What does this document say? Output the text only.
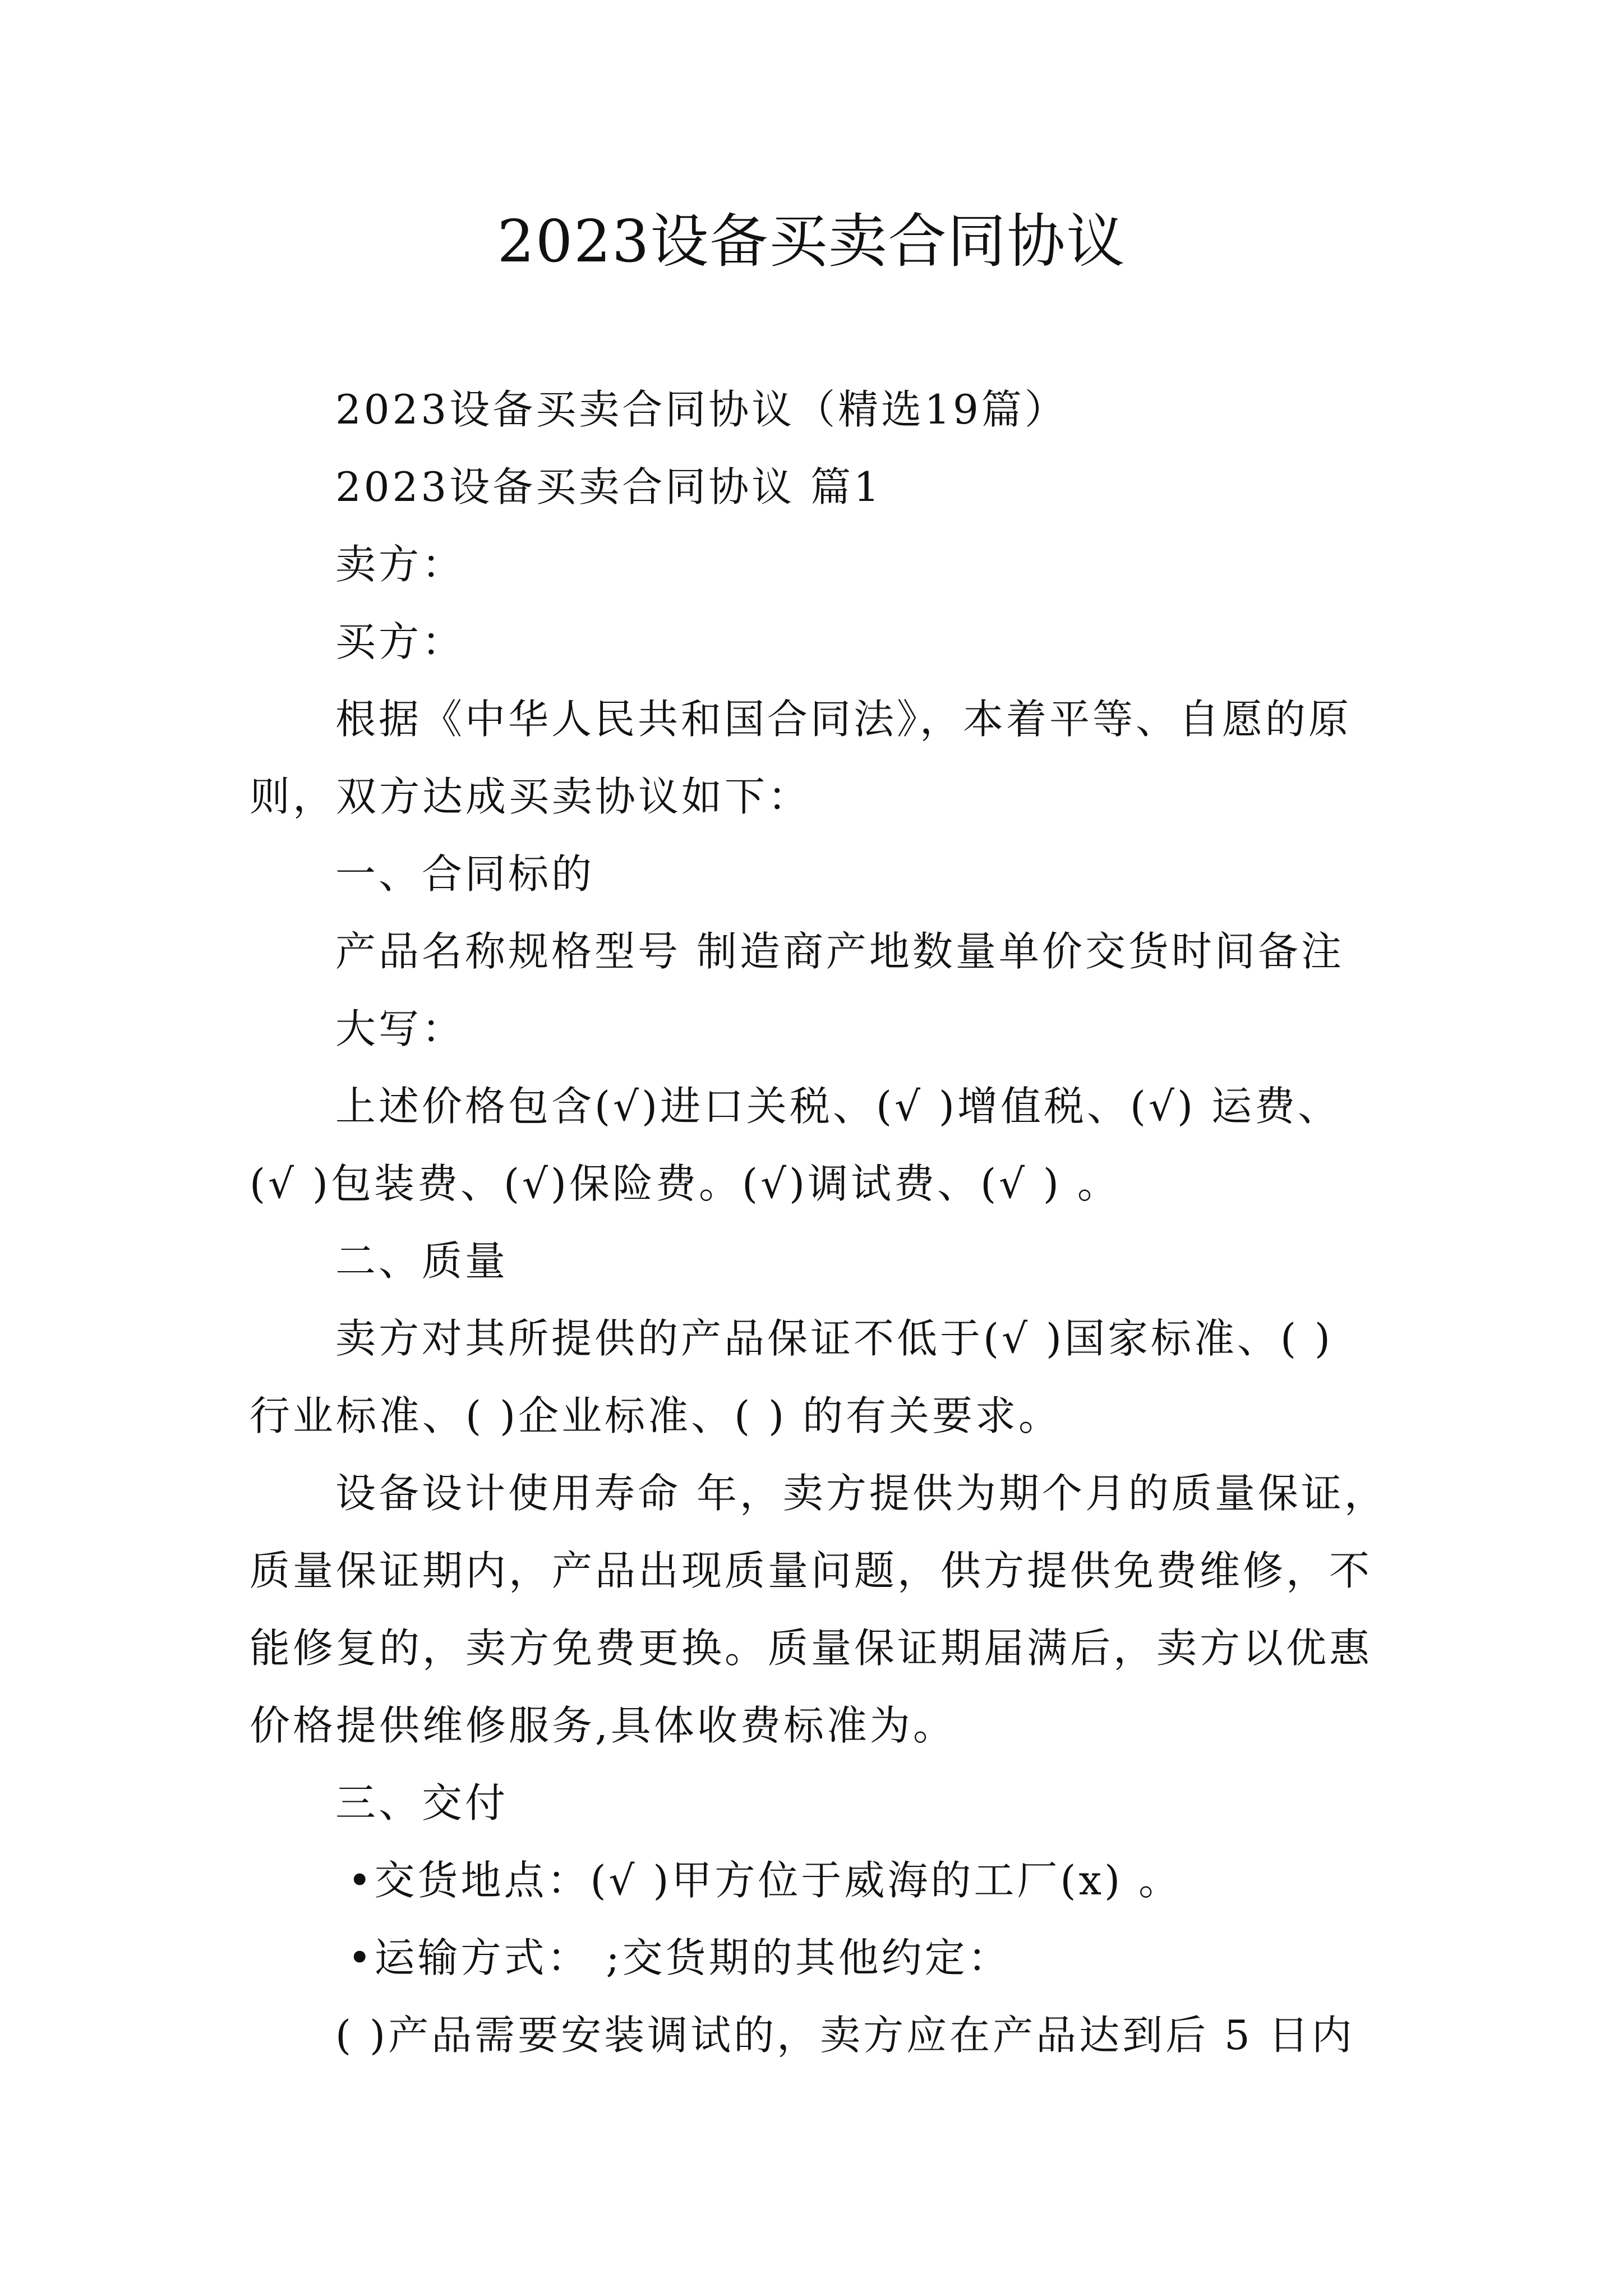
2023设备买卖合同协议
2023设备买卖合同协议（精选19篇）
2023设备买卖合同协议 篇1
卖方：
买方：
根据《中华人民共和国合同法》，本着平等、自愿的原
则，双方达成买卖协议如下：
一、合同标的
产品名称规格型号 制造商产地数量单价交货时间备注
大写：
上述价格包含(√)进口关税、(√ )增值税、(√) 运费、
(√ )包装费、(√)保险费。(√)调试费、(√ ) 。
二、质量
卖方对其所提供的产品保证不低于(√ )国家标准、( )
行业标准、( )企业标准、( ) 的有关要求。
设备设计使用寿命 年，卖方提供为期个月的质量保证，
质量保证期内，产品出现质量问题，供方提供免费维修，不
能修复的，卖方免费更换。质量保证期届满后，卖方以优惠
价格提供维修服务,具体收费标准为。
三、交付
•交货地点：(√ )甲方位于威海的工厂(x) 。
•运输方式： ;交货期的其他约定：
( )产品需要安装调试的，卖方应在产品达到后 5 日内
